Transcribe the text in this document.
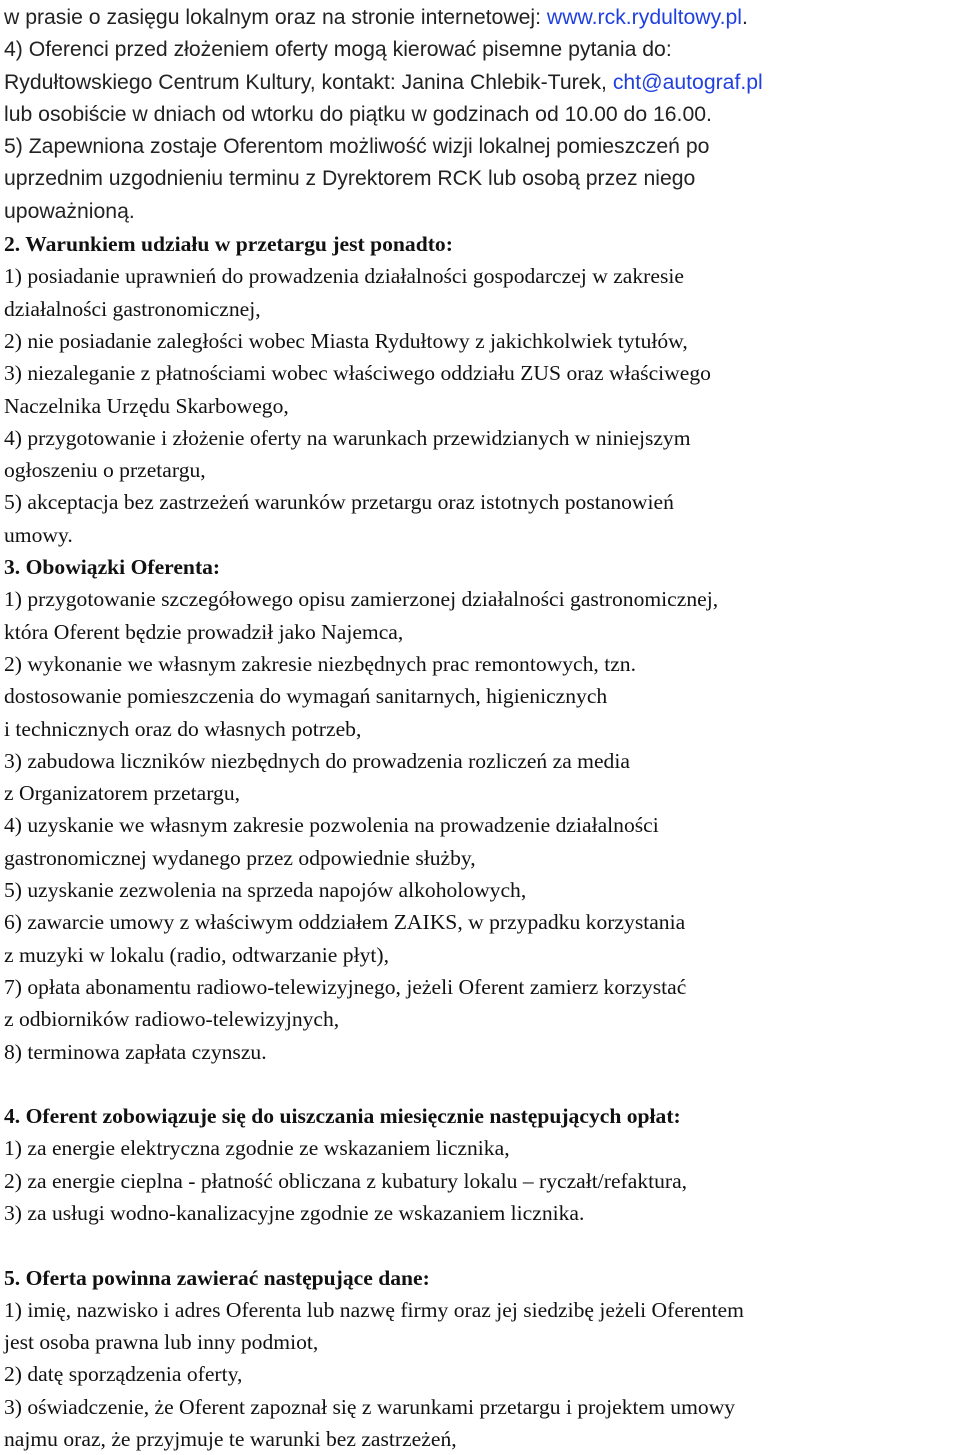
w prasie o zasięgu lokalnym oraz na stronie internetowej: www.rck.rydultowy.pl.
4) Oferenci przed złożeniem oferty mogą kierować pisemne pytania do:
Rydułtowskiego Centrum Kultury, kontakt: Janina Chlebik-Turek, cht@autograf.pl
lub osobiście w dniach od wtorku do piątku w godzinach od 10.00 do 16.00.
5) Zapewniona zostaje Oferentom możliwość wizji lokalnej pomieszczeń po
uprzednim uzgodnieniu terminu z Dyrektorem RCK lub osobą przez niego
upoważnioną.
2. Warunkiem udziału w przetargu jest ponadto:
1) posiadanie uprawnień do prowadzenia działalności gospodarczej w zakresie
działalności gastronomicznej,
2) nie posiadanie zaległości wobec Miasta Rydułtowy z jakichkolwiek tytułów,
3) niezaleganie z płatnościami wobec właściwego oddziału ZUS oraz właściwego
Naczelnika Urzędu Skarbowego,
4) przygotowanie i złożenie oferty na warunkach przewidzianych w niniejszym
ogłoszeniu o przetargu,
5) akceptacja bez zastrzeżeń warunków przetargu oraz istotnych postanowień
umowy.
3. Obowiązki Oferenta:
1) przygotowanie szczegółowego opisu zamierzonej działalności gastronomicznej,
która Oferent będzie prowadził jako Najemca,
2) wykonanie we własnym zakresie niezbędnych prac remontowych, tzn.
dostosowanie pomieszczenia do wymagań sanitarnych, higienicznych
i technicznych oraz do własnych potrzeb,
3) zabudowa liczników niezbędnych do prowadzenia rozliczeń za media
z Organizatorem przetargu,
4) uzyskanie we własnym zakresie pozwolenia na prowadzenie działalności
gastronomicznej wydanego przez odpowiednie służby,
5) uzyskanie zezwolenia na sprzeda napojów alkoholowych,
6) zawarcie umowy z właściwym oddziałem ZAIKS, w przypadku korzystania
z muzyki w lokalu (radio, odtwarzanie płyt),
7) opłata abonamentu radiowo-telewizyjnego, jeżeli Oferent zamierz korzystać
z odbiorników radiowo-telewizyjnych,
8) terminowa zapłata czynszu.
4. Oferent zobowiązuje się do uiszczania miesięcznie następujących opłat:
1) za energie elektryczna zgodnie ze wskazaniem licznika,
2) za energie cieplna - płatność obliczana z kubatury lokalu – ryczałt/refaktura,
3) za usługi wodno-kanalizacyjne zgodnie ze wskazaniem licznika.
5. Oferta powinna zawierać następujące dane:
1) imię, nazwisko i adres Oferenta lub nazwę firmy oraz jej siedzibę jeżeli Oferentem
jest osoba prawna lub inny podmiot,
2) datę sporządzenia oferty,
3) oświadczenie, że Oferent zapoznał się z warunkami przetargu i projektem umowy
najmu oraz, że przyjmuje te warunki bez zastrzeżeń,
